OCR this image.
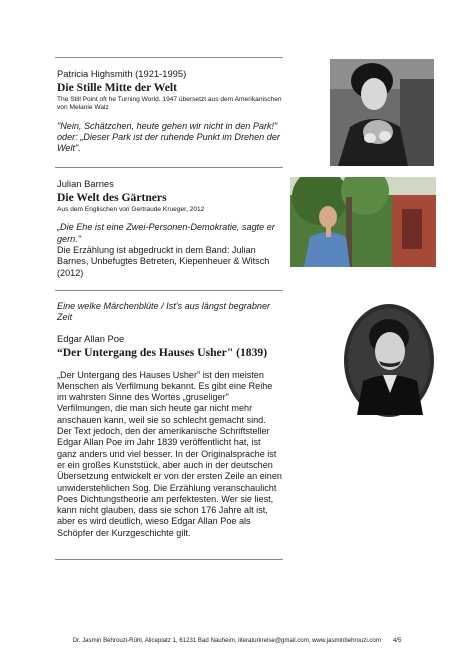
Patricia Highsmith (1921-1995)
Die Stille Mitte der Welt
The Still Point oft he Turning World. 1947 übersetzt aus dem Amerikanischen von Melanie Walz
"Nein, Schätzchen, heute gehen wir nicht in den Park!" oder: „Dieser Park ist der ruhende Punkt im Drehen der Welt".
Julian Barnes
Die Welt des Gärtners
Aus dem Englischen von Gertraude Krueger, 2012
„Die Ehe ist eine Zwei-Personen-Demokratie, sagte er gern."
Die Erzählung ist abgedruckt in dem Band: Julian Barnes, Unbefugtes Betreten, Kiepenheuer & Witsch (2012)
Eine welke Märchenblüte / Ist's aus längst begrabner Zeit
Edgar Allan Poe
“Der Untergang des Hauses Usher" (1839)
„Der Untergang des Hauses Usher" ist den meisten Menschen als Verfilmung bekannt. Es gibt eine Reihe im wahrsten Sinne des Wortes „gruseliger" Verfilmungen, die man sich heute gar nicht mehr anschauen kann, weil sie so schlecht gemacht sind. Der Text jedoch, den der amerikanische Schriftsteller Edgar Allan Poe im Jahr 1839 veröffentlicht hat, ist ganz anders und viel besser. In der Originalsprache ist er ein großes Kunststück, aber auch in der deutschen Übersetzung entwickelt er von der ersten Zeile an einen unwiderstehlichen Sog. Die Erzählung veranschaulicht Poes Dichtungstheorie am perfektesten. Wer sie liest, kann nicht glauben, dass sie schon 176 Jahre alt ist, aber es wird deutlich, wieso Edgar Allan Poe als Schöpfer der Kurzgeschichte gilt.
Dr. Jasmin Behrouzi-Rühl, Aliceplatz 1, 61231 Bad Nauheim, literaturkreise@gmail.com, www.jasminbehrouzi.com 4/5
